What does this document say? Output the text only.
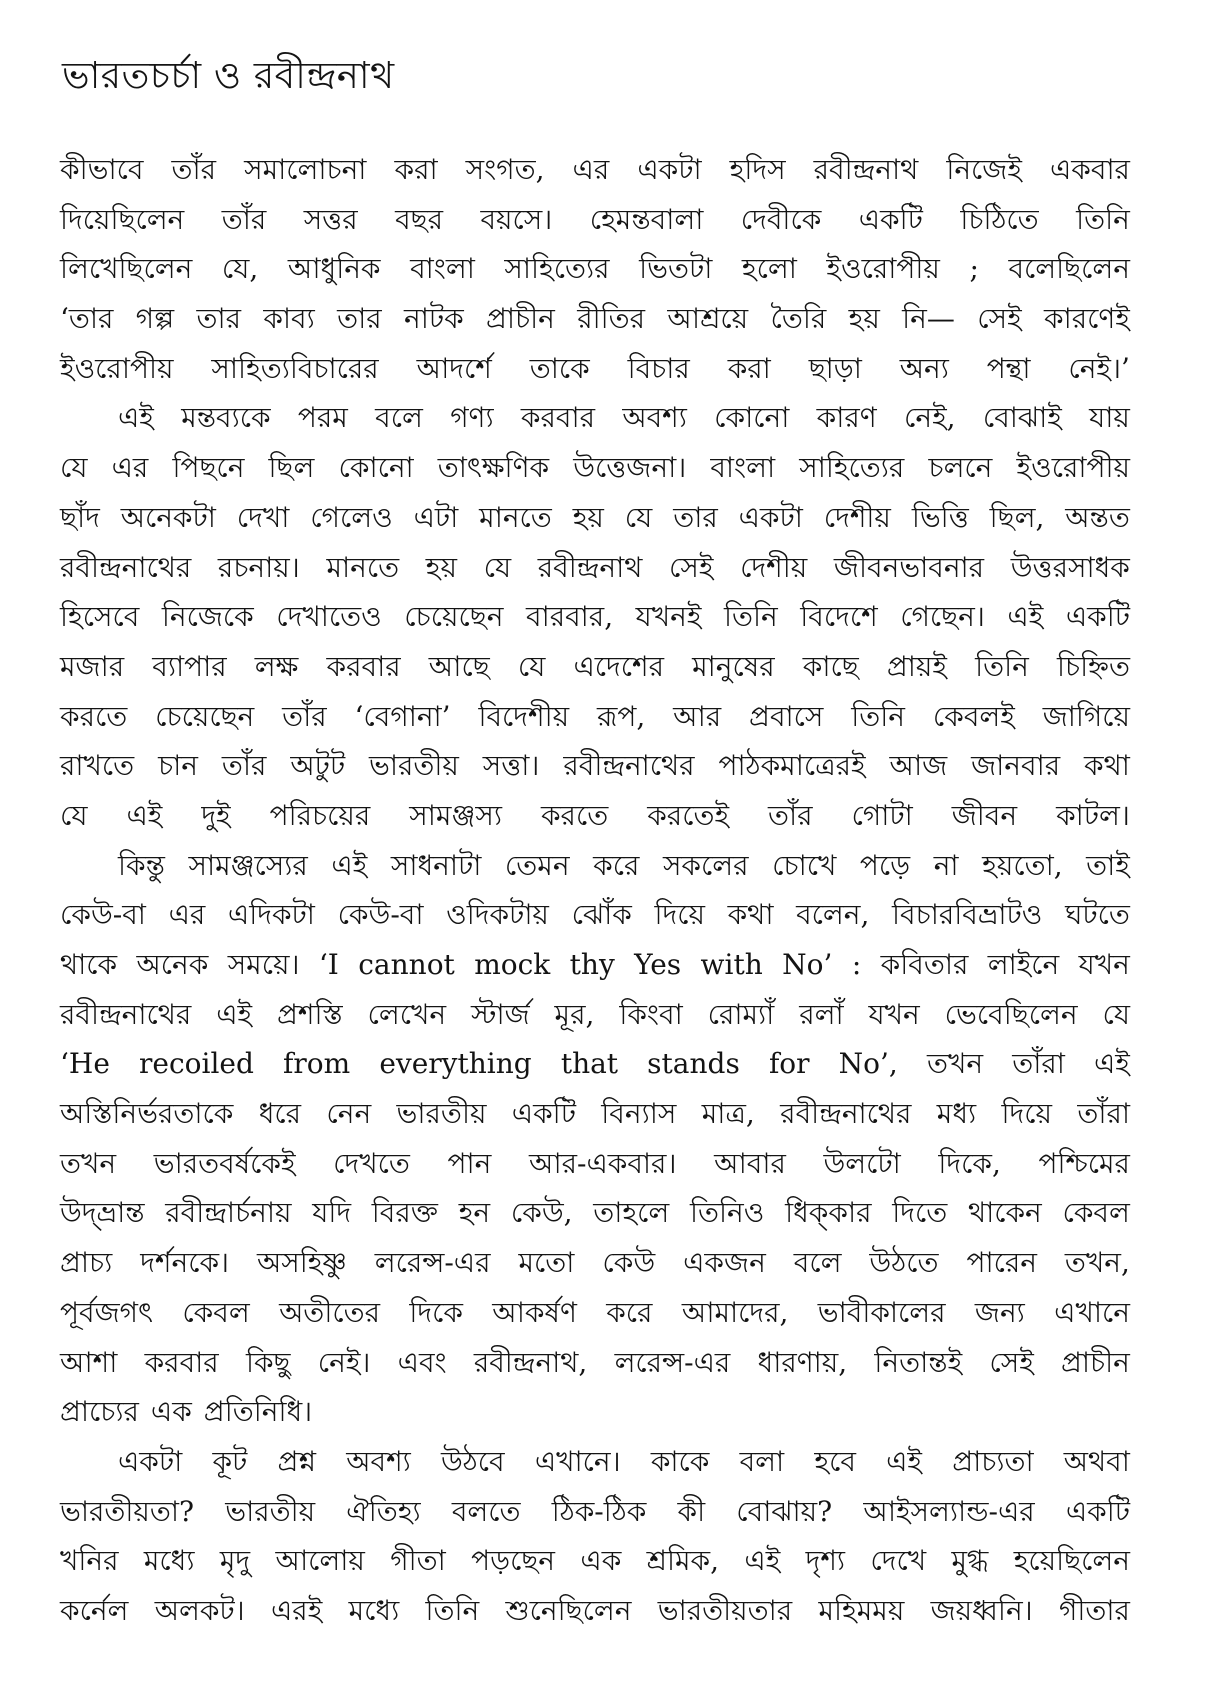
ভারতচর্চা ও রবীন্দ্রনাথ
কীভাবে তাঁর সমালোচনা করা সংগত, এর একটা হদিস রবীন্দ্রনাথ নিজেই একবার
দিয়েছিলেন তাঁর সত্তর বছর বয়সে। হেমন্তবালা দেবীকে একটি চিঠিতে তিনি
লিখেছিলেন যে, আধুনিক বাংলা সাহিত্যের ভিতটা হলো ইওরোপীয় ; বলেছিলেন
‘তার গল্প তার কাব্য তার নাটক প্রাচীন রীতির আশ্রয়ে তৈরি হয় নি— সেই কারণেই
ইওরোপীয় সাহিত্যবিচারের আদর্শে তাকে বিচার করা ছাড়া অন্য পন্থা নেই।’
এই মন্তব্যকে পরম বলে গণ্য করবার অবশ্য কোনো কারণ নেই, বোঝাই যায়
যে এর পিছনে ছিল কোনো তাৎক্ষণিক উত্তেজনা। বাংলা সাহিত্যের চলনে ইওরোপীয়
ছাঁদ অনেকটা দেখা গেলেও এটা মানতে হয় যে তার একটা দেশীয় ভিত্তি ছিল, অন্তত
রবীন্দ্রনাথের রচনায়। মানতে হয় যে রবীন্দ্রনাথ সেই দেশীয় জীবনভাবনার উত্তরসাধক
হিসেবে নিজেকে দেখাতেও চেয়েছেন বারবার, যখনই তিনি বিদেশে গেছেন। এই একটি
মজার ব্যাপার লক্ষ করবার আছে যে এদেশের মানুষের কাছে প্রায়ই তিনি চিহ্নিত
করতে চেয়েছেন তাঁর ‘বেগানা’ বিদেশীয় রূপ, আর প্রবাসে তিনি কেবলই জাগিয়ে
রাখতে চান তাঁর অটুট ভারতীয় সত্তা। রবীন্দ্রনাথের পাঠকমাত্রেরই আজ জানবার কথা
যে এই দুই পরিচয়ের সামঞ্জস্য করতে করতেই তাঁর গোটা জীবন কাটল।
কিন্তু সামঞ্জস্যের এই সাধনাটা তেমন করে সকলের চোখে পড়ে না হয়তো, তাই
কেউ-বা এর এদিকটা কেউ-বা ওদিকটায় ঝোঁক দিয়ে কথা বলেন, বিচারবিভ্রাটও ঘটতে
থাকে অনেক সময়ে। ‘I cannot mock thy Yes with No’ : কবিতার লাইনে যখন
রবীন্দ্রনাথের এই প্রশস্তি লেখেন স্টার্জ মূর, কিংবা রোম্যাঁ রলাঁ যখন ভেবেছিলেন যে
‘He recoiled from everything that stands for No’, তখন তাঁরা এই
অস্তিনির্ভরতাকে ধরে নেন ভারতীয় একটি বিন্যাস মাত্র, রবীন্দ্রনাথের মধ্য দিয়ে তাঁরা
তখন ভারতবর্ষকেই দেখতে পান আর-একবার। আবার উলটো দিকে, পশ্চিমের
উদ্‌ভ্রান্ত রবীন্দ্রার্চনায় যদি বিরক্ত হন কেউ, তাহলে তিনিও ধিক্‌কার দিতে থাকেন কেবল
প্রাচ্য দর্শনকে। অসহিষ্ণু লরেন্স-এর মতো কেউ একজন বলে উঠতে পারেন তখন,
পূর্বজগৎ কেবল অতীতের দিকে আকর্ষণ করে আমাদের, ভাবীকালের জন্য এখানে
আশা করবার কিছু নেই। এবং রবীন্দ্রনাথ, লরেন্স-এর ধারণায়, নিতান্তই সেই প্রাচীন
প্রাচ্যের এক প্রতিনিধি।
একটা কূট প্রশ্ন অবশ্য উঠবে এখানে। কাকে বলা হবে এই প্রাচ্যতা অথবা
ভারতীয়তা? ভারতীয় ঐতিহ্য বলতে ঠিক-ঠিক কী বোঝায়? আইসল্যান্ড-এর একটি
খনির মধ্যে মৃদু আলোয় গীতা পড়ছেন এক শ্রমিক, এই দৃশ্য দেখে মুগ্ধ হয়েছিলেন
কর্নেল অলকট। এরই মধ্যে তিনি শুনেছিলেন ভারতীয়তার মহিমময় জয়ধ্বনি। গীতার
